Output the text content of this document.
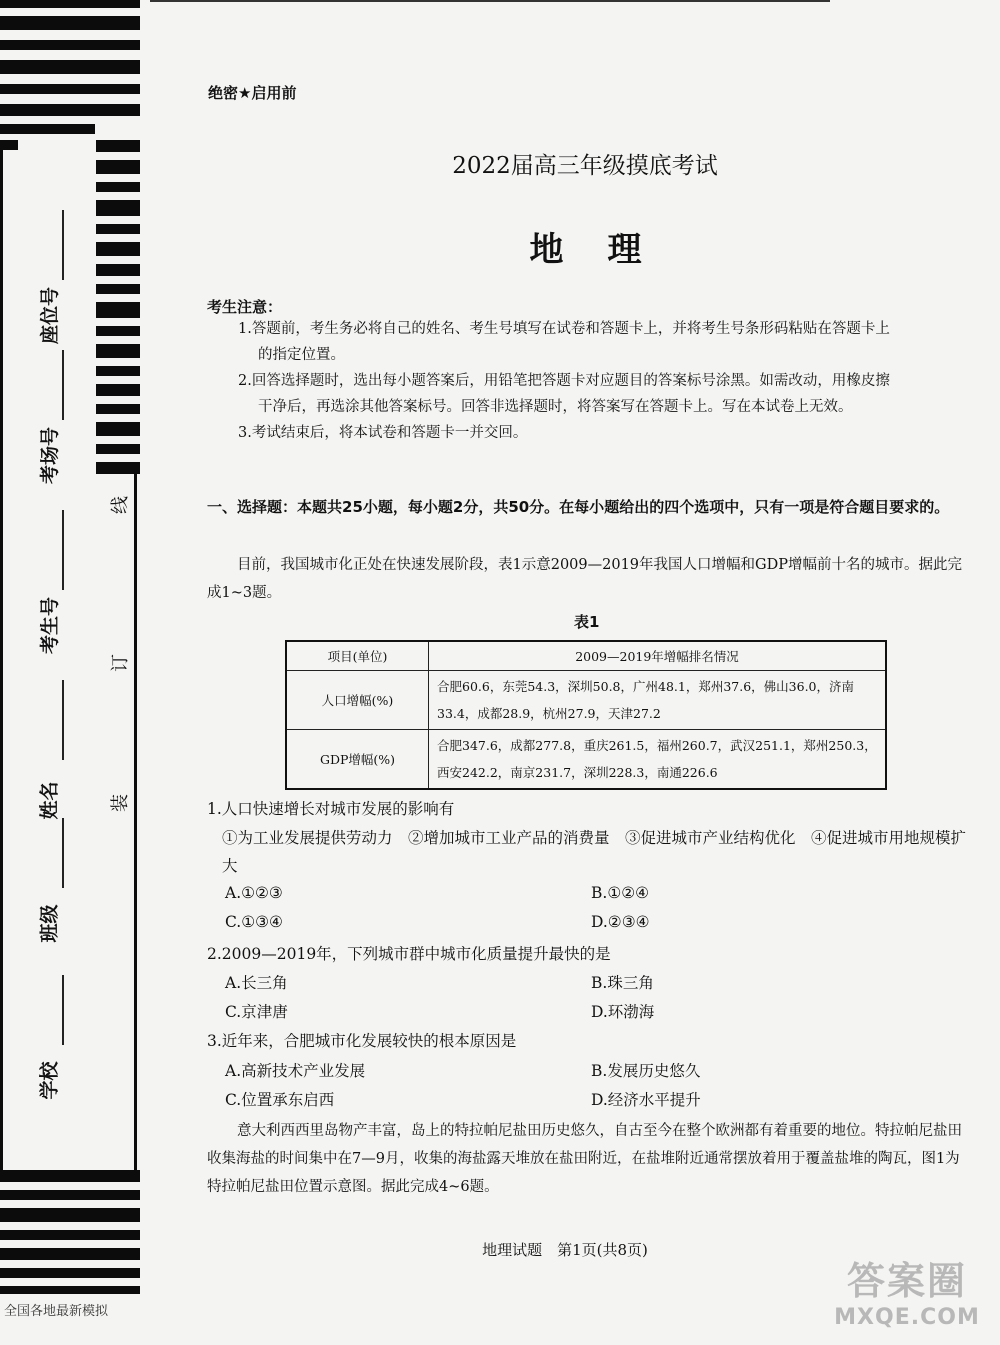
学校
班级
姓名
考生号
考场号
座位号
装
订
线
全国各地最新模拟
绝密★启用前
2022届高三年级摸底考试
地理
考生注意：
1.答题前，考生务必将自己的姓名、考生号填写在试卷和答题卡上，并将考生号条形码粘贴在答题卡上
的指定位置。
2.回答选择题时，选出每小题答案后，用铅笔把答题卡对应题目的答案标号涂黑。如需改动，用橡皮擦
干净后，再选涂其他答案标号。回答非选择题时，将答案写在答题卡上。写在本试卷上无效。
3.考试结束后，将本试卷和答题卡一并交回。
一、选择题：本题共25小题，每小题2分，共50分。在每小题给出的四个选项中，只有一项是符合题目要求的。
目前，我国城市化正处在快速发展阶段，表1示意2009—2019年我国人口增幅和GDP增幅前十名的城市。据此完成1~3题。
表1
项目(单位)	2009—2019年增幅排名情况
人口增幅(%)	合肥60.6，东莞54.3，深圳50.8，广州48.1，郑州37.6，佛山36.0，济南33.4，成都28.9，杭州27.9，天津27.2
GDP增幅(%)	合肥347.6，成都277.8，重庆261.5，福州260.7，武汉251.1，郑州250.3，西安242.2，南京231.7，深圳228.3，南通226.6
1.人口快速增长对城市发展的影响有
①为工业发展提供劳动力　②增加城市工业产品的消费量　③促进城市产业结构优化　④促进城市用地规模扩大
A.①②③	B.①②④
C.①③④	D.②③④
2.2009—2019年，下列城市群中城市化质量提升最快的是
A.长三角	B.珠三角
C.京津唐	D.环渤海
3.近年来，合肥城市化发展较快的根本原因是
A.高新技术产业发展	B.发展历史悠久
C.位置承东启西	D.经济水平提升
意大利西西里岛物产丰富，岛上的特拉帕尼盐田历史悠久，自古至今在整个欧洲都有着重要的地位。特拉帕尼盐田收集海盐的时间集中在7—9月，收集的海盐露天堆放在盐田附近，在盐堆附近通常摆放着用于覆盖盐堆的陶瓦，图1为特拉帕尼盐田位置示意图。据此完成4~6题。
地理试题　第1页(共8页)
答案圈
MXQE.COM
